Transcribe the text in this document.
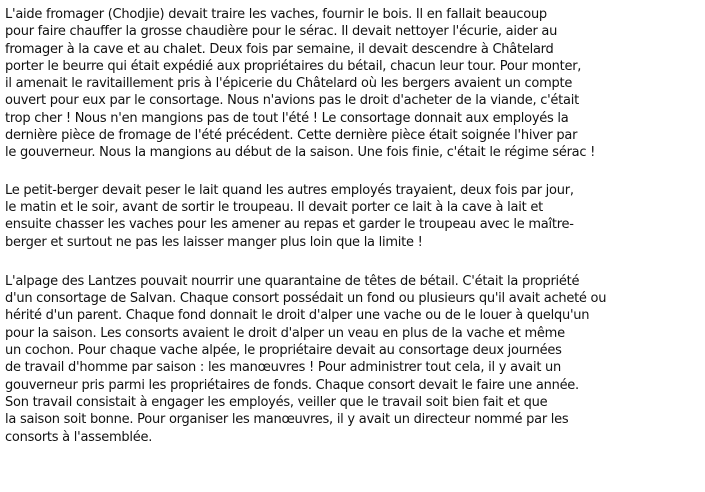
L'aide fromager (Chodjie) devait traire les vaches, fournir le bois. Il en fallait beaucoup
pour faire chauffer la grosse chaudière pour le sérac. Il devait nettoyer l'écurie, aider au
fromager à la cave et au chalet. Deux fois par semaine, il devait descendre à Châtelard
porter le beurre qui était expédié aux propriétaires du bétail, chacun leur tour. Pour monter,
il amenait le ravitaillement pris à l'épicerie du Châtelard où les bergers avaient un compte
ouvert pour eux par le consortage. Nous n'avions pas le droit d'acheter de la viande, c'était
trop cher ! Nous n'en mangions pas de tout l'été ! Le consortage donnait aux employés la
dernière pièce de fromage de l'été précédent. Cette dernière pièce était soignée l'hiver par
le gouverneur. Nous la mangions au début de la saison. Une fois finie, c'était le régime sérac !
Le petit-berger devait peser le lait quand les autres employés trayaient, deux fois par jour,
le matin et le soir, avant de sortir le troupeau. Il devait porter ce lait à la cave à lait et
ensuite chasser les vaches pour les amener au repas et garder le troupeau avec le maître-
berger et surtout ne pas les laisser manger plus loin que la limite !
L'alpage des Lantzes pouvait nourrir une quarantaine de têtes de bétail. C'était la propriété
d'un consortage de Salvan. Chaque consort possédait un fond ou plusieurs qu'il avait acheté ou
hérité d'un parent. Chaque fond donnait le droit d'alper une vache ou de le louer à quelqu'un
pour la saison. Les consorts avaient le droit d'alper un veau en plus de la vache et même
un cochon. Pour chaque vache alpée, le propriétaire devait au consortage deux journées
de travail d'homme par saison : les manœuvres ! Pour administrer tout cela, il y avait un
gouverneur pris parmi les propriétaires de fonds. Chaque consort devait le faire une année.
Son travail consistait à engager les employés, veiller que le travail soit bien fait et que
la saison soit bonne. Pour organiser les manœuvres, il y avait un directeur nommé par les
consorts à l'assemblée.
